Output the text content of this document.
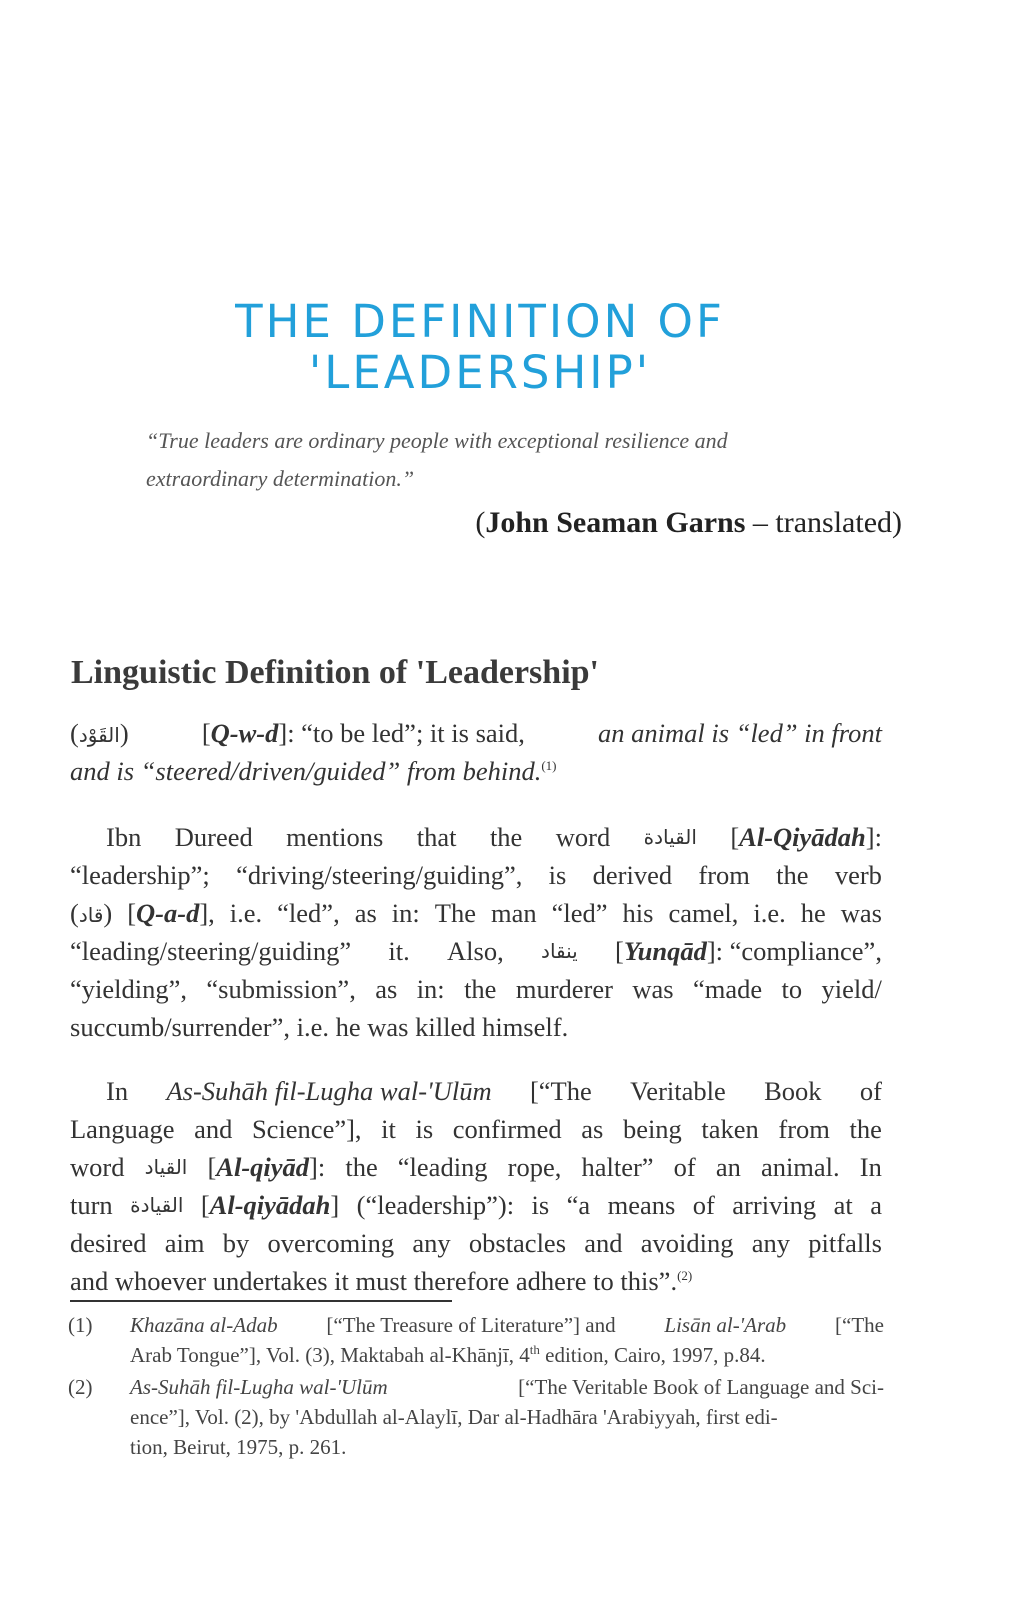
THE DEFINITION OF
'LEADERSHIP'
“True leaders are ordinary people with exceptional resilience and
extraordinary determination.”
(John Seaman Garns – translated)
Linguistic Definition of 'Leadership'
(القَوْد)	[Q-w-d]: “to be led”; it is said,	an animal is “led” in front
and is “steered/driven/guided” from behind.$^{(1)}$
Ibn Dureed mentions that the word القيادة [Al-Qiyādah]:
“leadership”; “driving/steering/guiding”, is derived from the verb
(قاد) [Q-a-d], i.e. “led”, as in: The man “led” his camel, i.e. he was
“leading/steering/guiding” it. Also, ينقاد [Yunqād]: “compliance”,
“yielding”, “submission”, as in: the murderer was “made to yield/
succumb/surrender”, i.e. he was killed himself.
In As-Suhāh fil-Lugha wal-'Ulūm [“The Veritable Book of
Language and Science”], it is confirmed as being taken from the
word القياد [Al-qiyād]: the “leading rope, halter” of an animal. In
turn القيادة [Al-qiyādah] (“leadership”): is “a means of arriving at a
desired aim by overcoming any obstacles and avoiding any pitfalls
and whoever undertakes it must therefore adhere to this”.$^{(2)}$
(1) Khazāna al-Adab [“The Treasure of Literature”] and Lisān al-'Arab [“The
Arab Tongue”], Vol. (3), Maktabah al-Khānjī, 4th edition, Cairo, 1997, p.84.
(2) As-Suhāh fil-Lugha wal-'Ulūm	[“The Veritable Book of Language and Sci-
ence”], Vol. (2), by 'Abdullah al-Alaylī, Dar al-Hadhāra 'Arabiyyah, first edi-
tion, Beirut, 1975, p. 261.
